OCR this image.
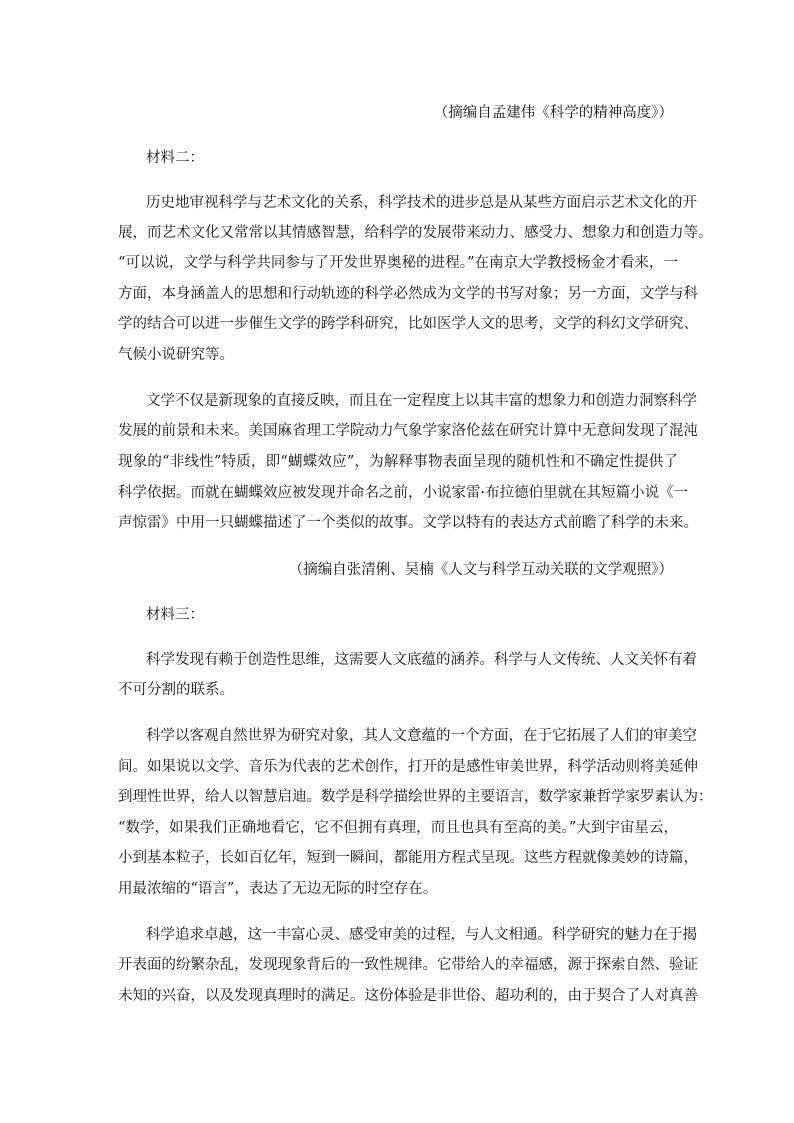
（摘编自孟建伟《科学的精神高度》）
材料二：
历史地审视科学与艺术文化的关系，科学技术的进步总是从某些方面启示艺术文化的开
展，而艺术文化又常常以其情感智慧，给科学的发展带来动力、感受力、想象力和创造力等。
“可以说，文学与科学共同参与了开发世界奥秘的进程。”在南京大学教授杨金才看来，一
方面，本身涵盖人的思想和行动轨迹的科学必然成为文学的书写对象；另一方面，文学与科
学的结合可以进一步催生文学的跨学科研究，比如医学人文的思考，文学的科幻文学研究、
气候小说研究等。
文学不仅是新现象的直接反映，而且在一定程度上以其丰富的想象力和创造力洞察科学
发展的前景和未来。美国麻省理工学院动力气象学家洛伦兹在研究计算中无意间发现了混沌
现象的“非线性”特质，即“蝴蝶效应”，为解释事物表面呈现的随机性和不确定性提供了
科学依据。而就在蝴蝶效应被发现并命名之前，小说家雷·布拉德伯里就在其短篇小说《一
声惊雷》中用一只蝴蝶描述了一个类似的故事。文学以特有的表达方式前瞻了科学的未来。
（摘编自张清俐、吴楠《人文与科学互动关联的文学观照》）
材料三：
科学发现有赖于创造性思维，这需要人文底蕴的涵养。科学与人文传统、人文关怀有着
不可分割的联系。
科学以客观自然世界为研究对象，其人文意蕴的一个方面，在于它拓展了人们的审美空
间。如果说以文学、音乐为代表的艺术创作，打开的是感性审美世界，科学活动则将美延伸
到理性世界，给人以智慧启迪。数学是科学描绘世界的主要语言，数学家兼哲学家罗素认为：
“数学，如果我们正确地看它，它不但拥有真理，而且也具有至高的美。”大到宇宙星云，
小到基本粒子，长如百亿年，短到一瞬间，都能用方程式呈现。这些方程就像美妙的诗篇，
用最浓缩的“语言”，表达了无边无际的时空存在。
科学追求卓越，这一丰富心灵、感受审美的过程，与人文相通。科学研究的魅力在于揭
开表面的纷繁杂乱，发现现象背后的一致性规律。它带给人的幸福感，源于探索自然、验证
未知的兴奋，以及发现真理时的满足。这份体验是非世俗、超功利的，由于契合了人对真善
